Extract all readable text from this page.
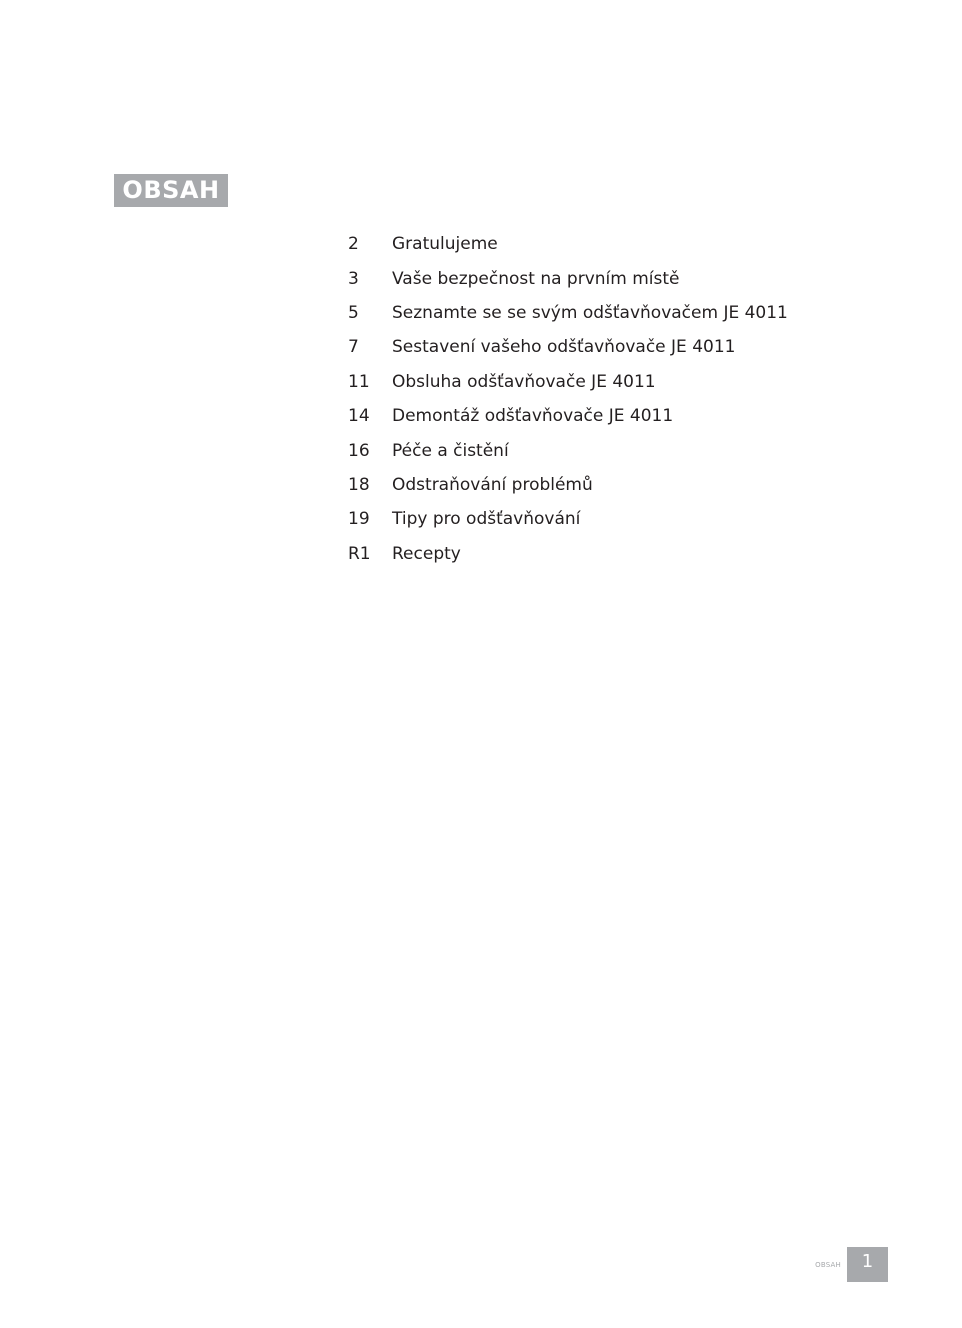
OBSAH
2	Gratulujeme
3	Vaše bezpečnost na prvním místě
5	Seznamte se se svým odšťavňovačem JE 4011
7	Sestavení vašeho odšťavňovače JE 4011
11	Obsluha odšťavňovače JE 4011
14	Demontáž odšťavňovače JE 4011
16	Péče a čistění
18	Odstraňování problémů
19	Tipy pro odšťavňování
R1	Recepty
OBSAH	1
